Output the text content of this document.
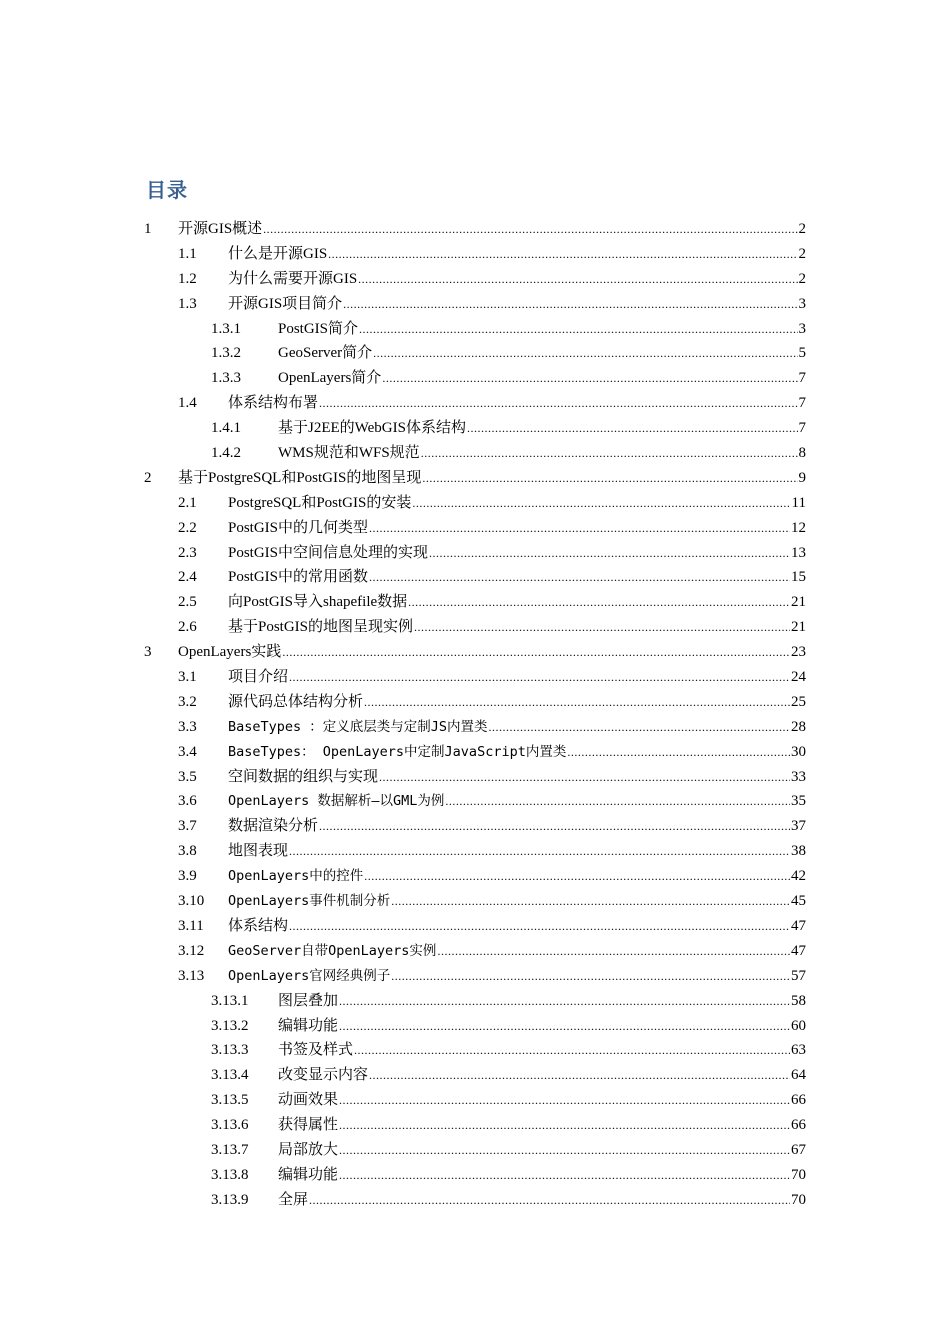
目录
1 开源GIS概述 .....	2
1.1 什么是开源GIS .....	2
1.2 为什么需要开源GIS .....	2
1.3 开源GIS项目简介 .....	3
1.3.1 PostGIS简介 .....	3
1.3.2 GeoServer简介 .....	5
1.3.3 OpenLayers简介 .....	7
1.4 体系结构布署 .....	7
1.4.1 基于J2EE的WebGIS体系结构 .....	7
1.4.2 WMS规范和WFS规范 .....	8
2 基于PostgreSQL和PostGIS的地图呈现 .....	9
2.1 PostgreSQL和PostGIS的安装 .....	11
2.2 PostGIS中的几何类型 .....	12
2.3 PostGIS中空间信息处理的实现 .....	13
2.4 PostGIS中的常用函数 .....	15
2.5 向PostGIS导入shapefile数据 .....	21
2.6 基于PostGIS的地图呈现实例 .....	21
3 OpenLayers实践 .....	23
3.1 项目介绍 .....	24
3.2 源代码总体结构分析 .....	25
3.3 BaseTypes ：定义底层类与定制JS内置类 .....	28
3.4 BaseTypes： OpenLayers中定制JavaScript内置类 .....	30
3.5 空间数据的组织与实现 .....	33
3.6 OpenLayers 数据解析—以GML为例 .....	35
3.7 数据渲染分析 .....	37
3.8 地图表现 .....	38
3.9 OpenLayers中的控件 .....	42
3.10 OpenLayers事件机制分析 .....	45
3.11 体系结构 .....	47
3.12 GeoServer自带OpenLayers实例 .....	47
3.13 OpenLayers官网经典例子 .....	57
3.13.1 图层叠加 .....	58
3.13.2 编辑功能 .....	60
3.13.3 书签及样式 .....	63
3.13.4 改变显示内容 .....	64
3.13.5 动画效果 .....	66
3.13.6 获得属性 .....	66
3.13.7 局部放大 .....	67
3.13.8 编辑功能 .....	70
3.13.9 全屏 .....	70
